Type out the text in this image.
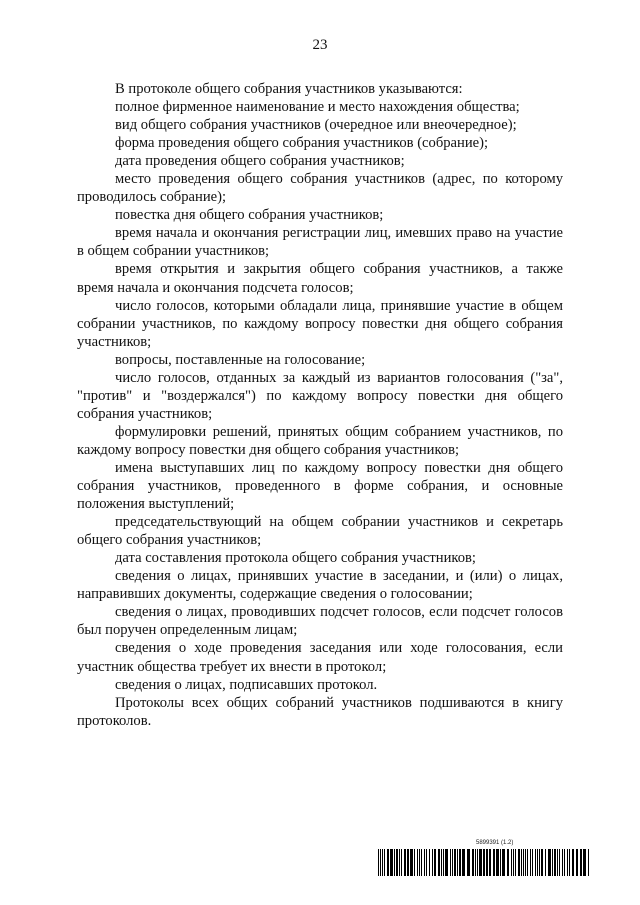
23

В протоколе общего собрания участников указываются:

полное фирменное наименование и место нахождения общества;

вид общего собрания участников (очередное или внеочередное);

форма проведения общего собрания участников (собрание);

дата проведения общего собрания участников;

место проведения общего собрания участников (адрес, по которому проводилось собрание);

повестка дня общего собрания участников;

время начала и окончания регистрации лиц, имевших право на участие в общем собрании участников;

время открытия и закрытия общего собрания участников, а также время начала и окончания подсчета голосов;

число голосов, которыми обладали лица, принявшие участие в общем собрании участников, по каждому вопросу повестки дня общего собрания участников;

вопросы, поставленные на голосование;

число голосов, отданных за каждый из вариантов голосования ("за", "против" и "воздержался") по каждому вопросу повестки дня общего собрания участников;

формулировки решений, принятых общим собранием участников, по каждому вопросу повестки дня общего собрания участников;

имена выступавших лиц по каждому вопросу повестки дня общего собрания участников, проведенного в форме собрания, и основные положения выступлений;

председательствующий на общем собрании участников и секретарь общего собрания участников;

дата составления протокола общего собрания участников;

сведения о лицах, принявших участие в заседании, и (или) о лицах, направивших документы, содержащие сведения о голосовании;

сведения о лицах, проводивших подсчет голосов, если подсчет голосов был поручен определенным лицам;

сведения о ходе проведения заседания или ходе голосования, если участник общества требует их внести в протокол;

сведения о лицах, подписавших протокол.

Протоколы всех общих собраний участников подшиваются в книгу протоколов.

5899391 (1.2)
